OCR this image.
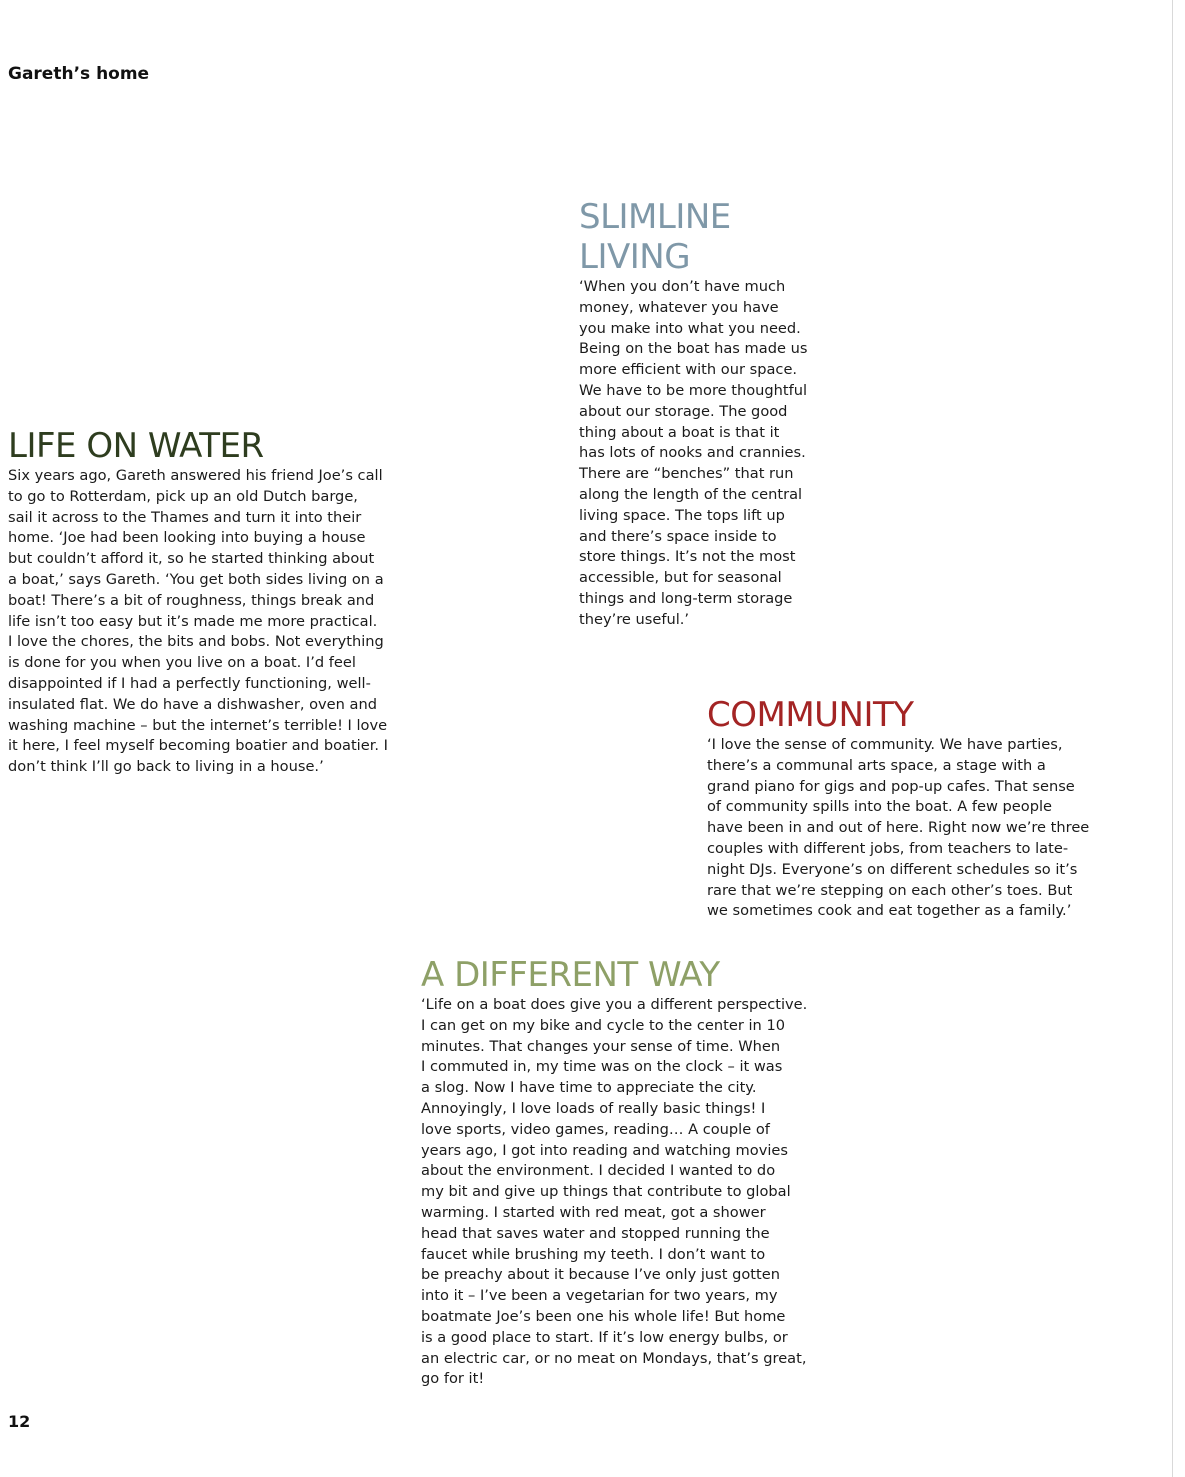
Gareth’s home
SLIMLINE
LIVING

‘When you don’t have much
money, whatever you have
you make into what you need.
Being on the boat has made us
more efficient with our space.
We have to be more thoughtful
about our storage. The good
thing about a boat is that it
has lots of nooks and crannies.
There are “benches” that run
along the length of the central
living space. The tops lift up
and there’s space inside to
store things. It’s not the most
accessible, but for seasonal
things and long-term storage
they’re useful.’

LIFE ON WATER

Six years ago, Gareth answered his friend Joe’s call
to go to Rotterdam, pick up an old Dutch barge,
sail it across to the Thames and turn it into their
home. ‘Joe had been looking into buying a house
but couldn’t afford it, so he started thinking about
a boat,’ says Gareth. ‘You get both sides living on a
boat! There’s a bit of roughness, things break and
life isn’t too easy but it’s made me more practical.
I love the chores, the bits and bobs. Not everything
is done for you when you live on a boat. I’d feel
disappointed if I had a perfectly functioning, well-
insulated flat. We do have a dishwasher, oven and
washing machine – but the internet’s terrible! I love
it here, I feel myself becoming boatier and boatier. I
don’t think I’ll go back to living in a house.’

COMMUNITY

‘I love the sense of community. We have parties,
there’s a communal arts space, a stage with a
grand piano for gigs and pop-up cafes. That sense
of community spills into the boat. A few people
have been in and out of here. Right now we’re three
couples with different jobs, from teachers to late-
night DJs. Everyone’s on different schedules so it’s
rare that we’re stepping on each other’s toes. But
we sometimes cook and eat together as a family.’

A DIFFERENT WAY

‘Life on a boat does give you a different perspective.
I can get on my bike and cycle to the center in 10
minutes. That changes your sense of time. When
I commuted in, my time was on the clock – it was
a slog. Now I have time to appreciate the city.
Annoyingly, I love loads of really basic things! I
love sports, video games, reading… A couple of
years ago, I got into reading and watching movies
about the environment. I decided I wanted to do
my bit and give up things that contribute to global
warming. I started with red meat, got a shower
head that saves water and stopped running the
faucet while brushing my teeth. I don’t want to
be preachy about it because I’ve only just gotten
into it – I’ve been a vegetarian for two years, my
boatmate Joe’s been one his whole life! But home
is a good place to start. If it’s low energy bulbs, or
an electric car, or no meat on Mondays, that’s great,
go for it!

12
